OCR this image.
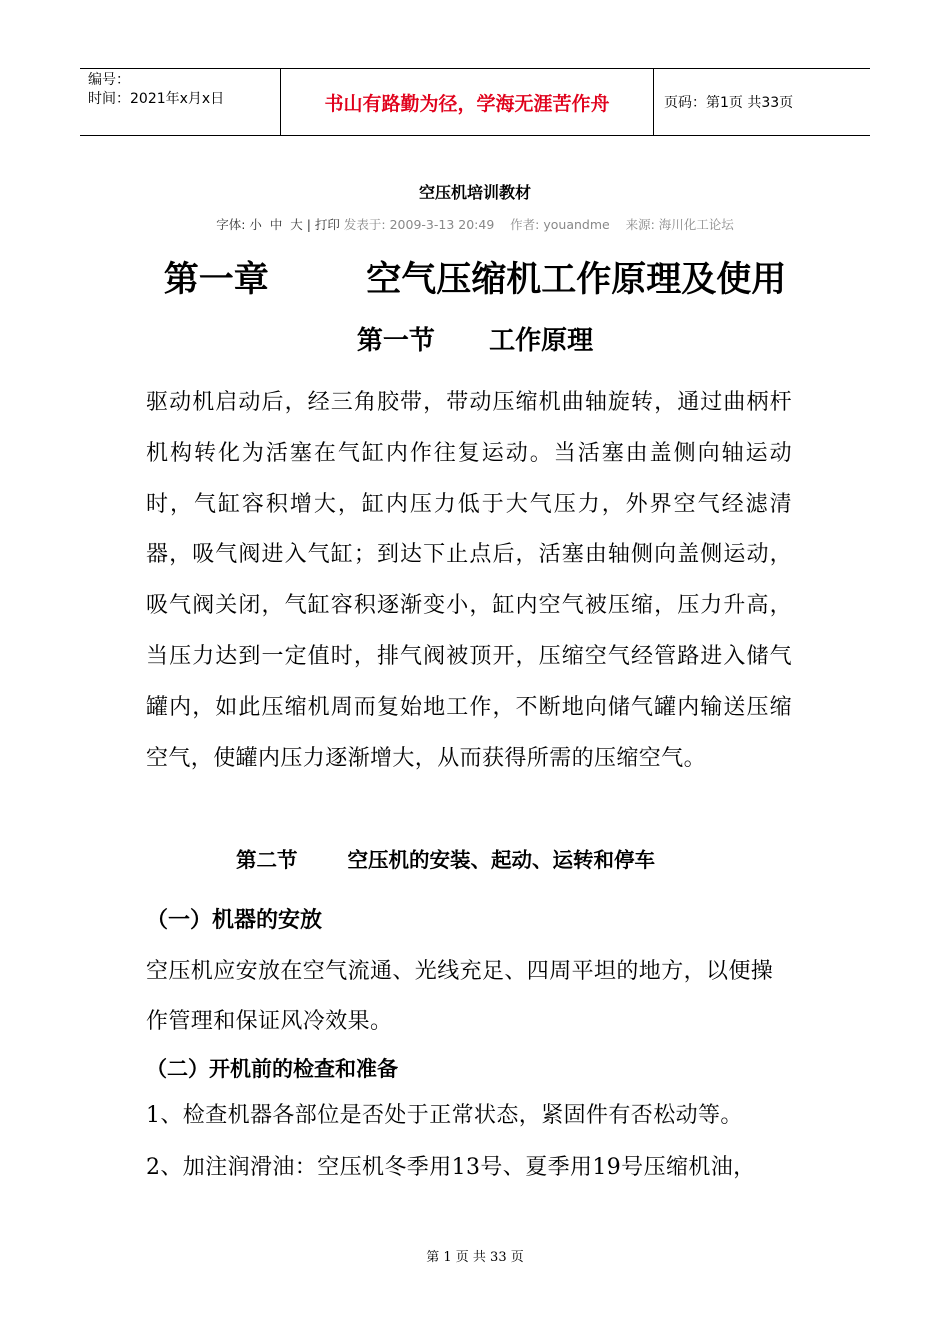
编号：
时间：2021年x月x日	书山有路勤为径，学海无涯苦作舟	页码：第1页 共33页
空压机培训教材
字体: 小  中  大 | 打印 发表于: 2009-3-13 20:49    作者: youandme    来源: 海川化工论坛
第一章        空气压缩机工作原理及使用
第一节      工作原理
驱动机启动后，经三角胶带，带动压缩机曲轴旋转，通过曲柄杆机构转化为活塞在气缸内作往复运动。当活塞由盖侧向轴运动时，气缸容积增大，缸内压力低于大气压力，外界空气经滤清器，吸气阀进入气缸；到达下止点后，活塞由轴侧向盖侧运动，吸气阀关闭，气缸容积逐渐变小，缸内空气被压缩，压力升高，当压力达到一定值时，排气阀被顶开，压缩空气经管路进入储气罐内，如此压缩机周而复始地工作，不断地向储气罐内输送压缩空气，使罐内压力逐渐增大，从而获得所需的压缩空气。
第二节       空压机的安装、起动、运转和停车
（一）机器的安放
空压机应安放在空气流通、光线充足、四周平坦的地方，以便操作管理和保证风冷效果。
（二）开机前的检查和准备
1、检查机器各部位是否处于正常状态，紧固件有否松动等。
2、加注润滑油：空压机冬季用13号、夏季用19号压缩机油，
第 1 页 共 33 页
